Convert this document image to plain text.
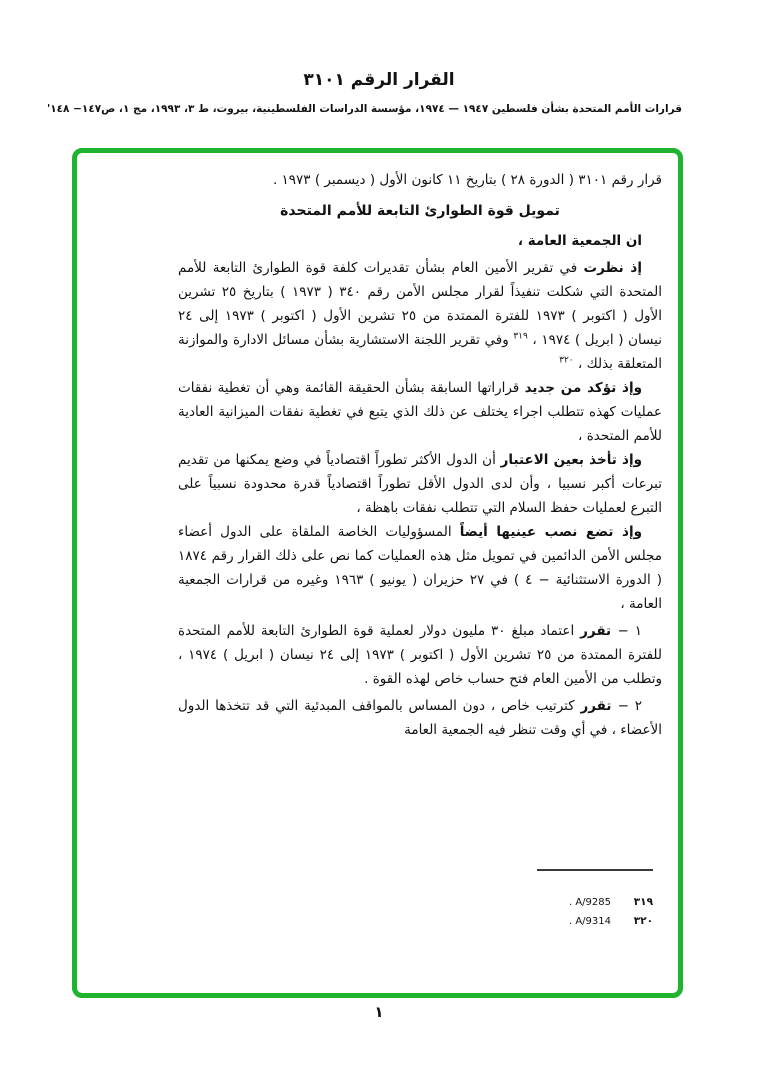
القرار الرقم ٣١٠١
قرارات الأمم المتحدة بشأن فلسطين ١٩٤٧ — ١٩٧٤، مؤسسة الدراسات الفلسطينية، بيروت، ط ٣، ١٩٩٣، مج ١، ص١٤٧− ١٤٨'

قرار رقم ٣١٠١ ( الدورة ٢٨ ) بتاريخ ١١ كانون الأول ( ديسمبر ) ١٩٧٣ .

تمويل قوة الطوارئ التابعة للأمم المتحدة

ان الجمعية العامة ،

إذ نظرت في تقرير الأمين العام بشأن تقديرات كلفة قوة الطوارئ التابعة للأمم المتحدة التي شكلت تنفيذاً لقرار مجلس الأمن رقم ٣٤٠ ( ١٩٧٣ ) بتاريخ ٢٥ تشرين الأول ( اكتوبر ) ١٩٧٣ للفترة الممتدة من ٢٥ تشرين الأول ( اكتوبر ) ١٩٧٣ إلى ٢٤ نيسان ( ابريل ) ١٩٧٤ ، $^{٣١٩}$ وفي تقرير اللجنة الاستشارية بشأن مسائل الادارة والموازنة المتعلقة بذلك ، $^{٣٢٠}$

وإذ تؤكد من جديد قراراتها السابقة بشأن الحقيقة القائمة وهي أن تغطية نفقات عمليات كهذه تتطلب اجراء يختلف عن ذلك الذي يتبع في تغطية نفقات الميزانية العادية للأمم المتحدة ،

وإذ تأخذ بعين الاعتبار أن الدول الأكثر تطوراً اقتصادياً في وضع يمكنها من تقديم تبرعات أكبر نسبيا ، وأن لدى الدول الأقل تطوراً اقتصادياً قدرة محدودة نسبياً على التبرع لعمليات حفظ السلام التي تتطلب نفقات باهظة ،

وإذ تضع نصب عينيها أيضاً المسؤوليات الخاصة الملقاة على الدول أعضاء مجلس الأمن الدائمين في تمويل مثل هذه العمليات كما نص على ذلك القرار رقم ١٨٧٤ ( الدورة الاستثنائية − ٤ ) في ٢٧ حزيران ( يونيو ) ١٩٦٣ وغيره من قرارات الجمعية العامة ،

١ − تقرر اعتماد مبلغ ٣٠ مليون دولار لعملية قوة الطوارئ التابعة للأمم المتحدة للفترة الممتدة من ٢٥ تشرين الأول ( اكتوبر ) ١٩٧٣ إلى ٢٤ نيسان ( ابريل ) ١٩٧٤ ، وتطلب من الأمين العام فتح حساب خاص لهذه القوة .

٢ − تقرر كترتيب خاص ، دون المساس بالمواقف المبدئية التي قد تتخذها الدول الأعضاء ، في أي وقت تنظر فيه الجمعية العامة

٣١٩
A/9285 .
٣٢٠
A/9314 .
١
